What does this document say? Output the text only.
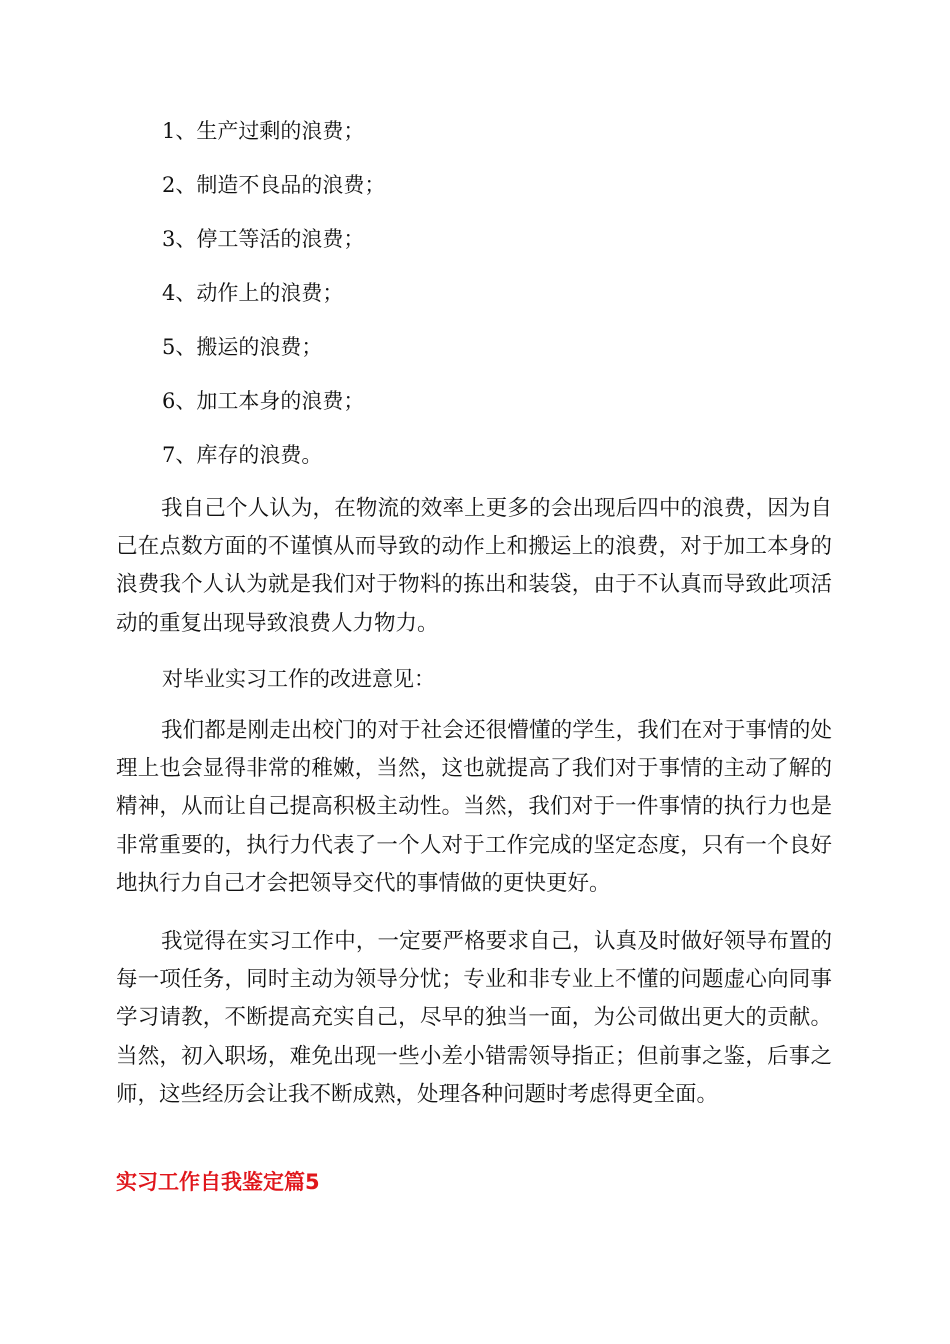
1、生产过剩的浪费；
2、制造不良品的浪费；
3、停工等活的浪费；
4、动作上的浪费；
5、搬运的浪费；
6、加工本身的浪费；
7、库存的浪费。

我自己个人认为，在物流的效率上更多的会出现后四中的浪费，因为自己在点数方面的不谨慎从而导致的动作上和搬运上的浪费，对于加工本身的浪费我个人认为就是我们对于物料的拣出和装袋，由于不认真而导致此项活动的重复出现导致浪费人力物力。

对毕业实习工作的改进意见：

我们都是刚走出校门的对于社会还很懵懂的学生，我们在对于事情的处理上也会显得非常的稚嫩，当然，这也就提高了我们对于事情的主动了解的精神，从而让自己提高积极主动性。当然，我们对于一件事情的执行力也是非常重要的，执行力代表了一个人对于工作完成的坚定态度，只有一个良好地执行力自己才会把领导交代的事情做的更快更好。

我觉得在实习工作中，一定要严格要求自己，认真及时做好领导布置的每一项任务，同时主动为领导分忧；专业和非专业上不懂的问题虚心向同事学习请教，不断提高充实自己，尽早的独当一面，为公司做出更大的贡献。当然，初入职场，难免出现一些小差小错需领导指正；但前事之鉴，后事之师，这些经历会让我不断成熟，处理各种问题时考虑得更全面。

实习工作自我鉴定篇5
